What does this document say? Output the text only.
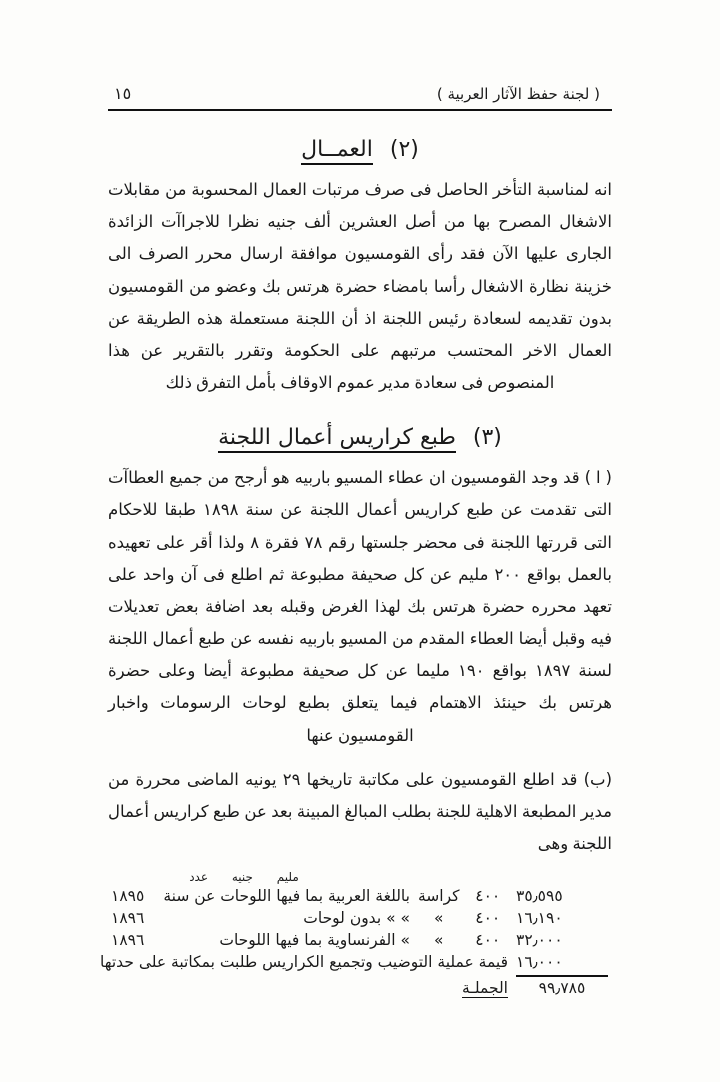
( لجنة حفظ الآثار العربية )
١٥
(٢) العمــال

انه لمناسبة التأخر الحاصل فى صرف مرتبات العمال المحسوبة من مقابلات الاشغال المصرح بها من أصل العشرين ألف جنيه نظرا للاجراآت الزائدة الجارى عليها الآن فقد رأى القومسيون موافقة ارسال محرر الصرف الى خزينة نظارة الاشغال رأسا بامضاء حضرة هرتس بك وعضو من القومسيون بدون تقديمه لسعادة رئيس اللجنة اذ أن اللجنة مستعملة هذه الطريقة عن العمال الاخر المحتسب مرتبهم على الحكومة وتقرر بالتقرير عن هذا المنصوص فى سعادة مدير عموم الاوقاف بأمل التفرق ذلك

(٣) طبع كراريس أعمال اللجنة

( ا ) قد وجد القومسيون ان عطاء المسيو باربيه هو أرجح من جميع العطاآت التى تقدمت عن طبع كراريس أعمال اللجنة عن سنة ١٨٩٨ طبقا للاحكام التى قررتها اللجنة فى محضر جلستها رقم ٧٨ فقرة ٨ ولذا أقر على تعهيده بالعمل بواقع ٢٠٠ مليم عن كل صحيفة مطبوعة ثم اطلع فى آن واحد على تعهد محرره حضرة هرتس بك لهذا الغرض وقبله بعد اضافة بعض تعديلات فيه وقبل أيضا العطاء المقدم من المسيو باربيه نفسه عن طبع أعمال اللجنة لسنة ١٨٩٧ بواقع ١٩٠ مليما عن كل صحيفة مطبوعة أيضا وعلى حضرة هرتس بك حينئذ الاهتمام فيما يتعلق بطبع لوحات الرسومات واخبار القومسيون عنها

(ب) قد اطلع القومسيون على مكاتبة تاريخها ٢٩ يونيه الماضى محررة من مدير المطبعة الاهلية للجنة بطلب المبالغ المبينة بعد عن طبع كراريس أعمال اللجنة وهى

مليم جنيه عدد
٣٥٫٥٩٥	٤٠٠	كراسة	باللغة العربية بما فيها اللوحات عن سنة	١٨٩٥
١٦٫١٩٠	٤٠٠	»	» » بدون لوحات	١٨٩٦
٣٢٫٠٠٠	٤٠٠	»	» الفرنساوية بما فيها اللوحات	١٨٩٦
١٦٫٠٠٠	قيمة عملية التوضيب وتجميع الكراريس طلبت بمكاتبة على حدتها			
٩٩٫٧٨٥	الجملـة			
